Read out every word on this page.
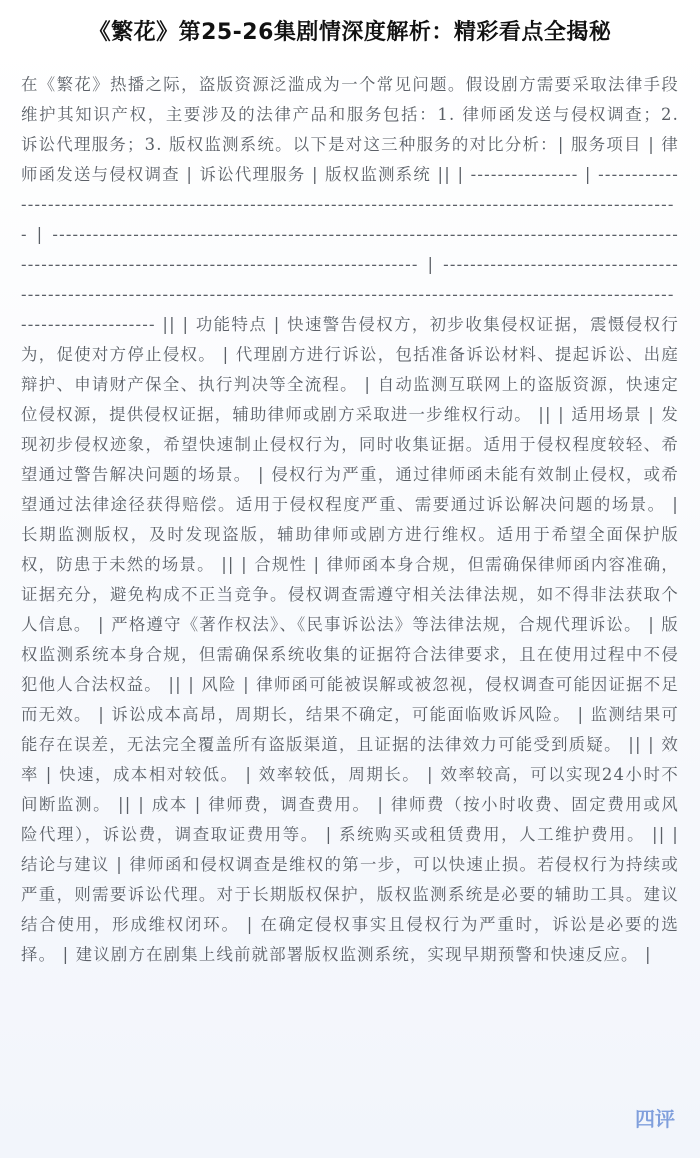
《繁花》第25-26集剧情深度解析：精彩看点全揭秘

在《繁花》热播之际，盗版资源泛滥成为一个常见问题。假设剧方需要采取法律手段维护其知识产权，主要涉及的法律产品和服务包括：1. 律师函发送与侵权调查；2. 诉讼代理服务；3. 版权监测系统。以下是对这三种服务的对比分析：| 服务项目 | 律师函发送与侵权调查 | 诉讼代理服务 | 版权监测系统 || | ---------------- | -------------------------------------------------------------------------------------------------------------- | -------------------------------------------------------------------------------------------------------------------------------------------------------- | -------------------------------------------------------------------------------------------------------------------------------------------------------- || | 功能特点 | 快速警告侵权方，初步收集侵权证据，震慑侵权行为，促使对方停止侵权。 | 代理剧方进行诉讼，包括准备诉讼材料、提起诉讼、出庭辩护、申请财产保全、执行判决等全流程。 | 自动监测互联网上的盗版资源，快速定位侵权源，提供侵权证据，辅助律师或剧方采取进一步维权行动。 || | 适用场景 | 发现初步侵权迹象，希望快速制止侵权行为，同时收集证据。适用于侵权程度较轻、希望通过警告解决问题的场景。 | 侵权行为严重，通过律师函未能有效制止侵权，或希望通过法律途径获得赔偿。适用于侵权程度严重、需要通过诉讼解决问题的场景。 | 长期监测版权，及时发现盗版，辅助律师或剧方进行维权。适用于希望全面保护版权，防患于未然的场景。 || | 合规性 | 律师函本身合规，但需确保律师函内容准确，证据充分，避免构成不正当竞争。侵权调查需遵守相关法律法规，如不得非法获取个人信息。 | 严格遵守《著作权法》、《民事诉讼法》等法律法规，合规代理诉讼。 | 版权监测系统本身合规，但需确保系统收集的证据符合法律要求，且在使用过程中不侵犯他人合法权益。 || | 风险 | 律师函可能被误解或被忽视，侵权调查可能因证据不足而无效。 | 诉讼成本高昂，周期长，结果不确定，可能面临败诉风险。 | 监测结果可能存在误差，无法完全覆盖所有盗版渠道，且证据的法律效力可能受到质疑。 || | 效率 | 快速，成本相对较低。 | 效率较低，周期长。 | 效率较高，可以实现24小时不间断监测。 || | 成本 | 律师费，调查费用。 | 律师费（按小时收费、固定费用或风险代理），诉讼费，调查取证费用等。 | 系统购买或租赁费用，人工维护费用。 || | 结论与建议 | 律师函和侵权调查是维权的第一步，可以快速止损。若侵权行为持续或严重，则需要诉讼代理。对于长期版权保护，版权监测系统是必要的辅助工具。建议结合使用，形成维权闭环。 | 在确定侵权事实且侵权行为严重时，诉讼是必要的选择。 | 建议剧方在剧集上线前就部署版权监测系统，实现早期预警和快速反应。 |

四评
